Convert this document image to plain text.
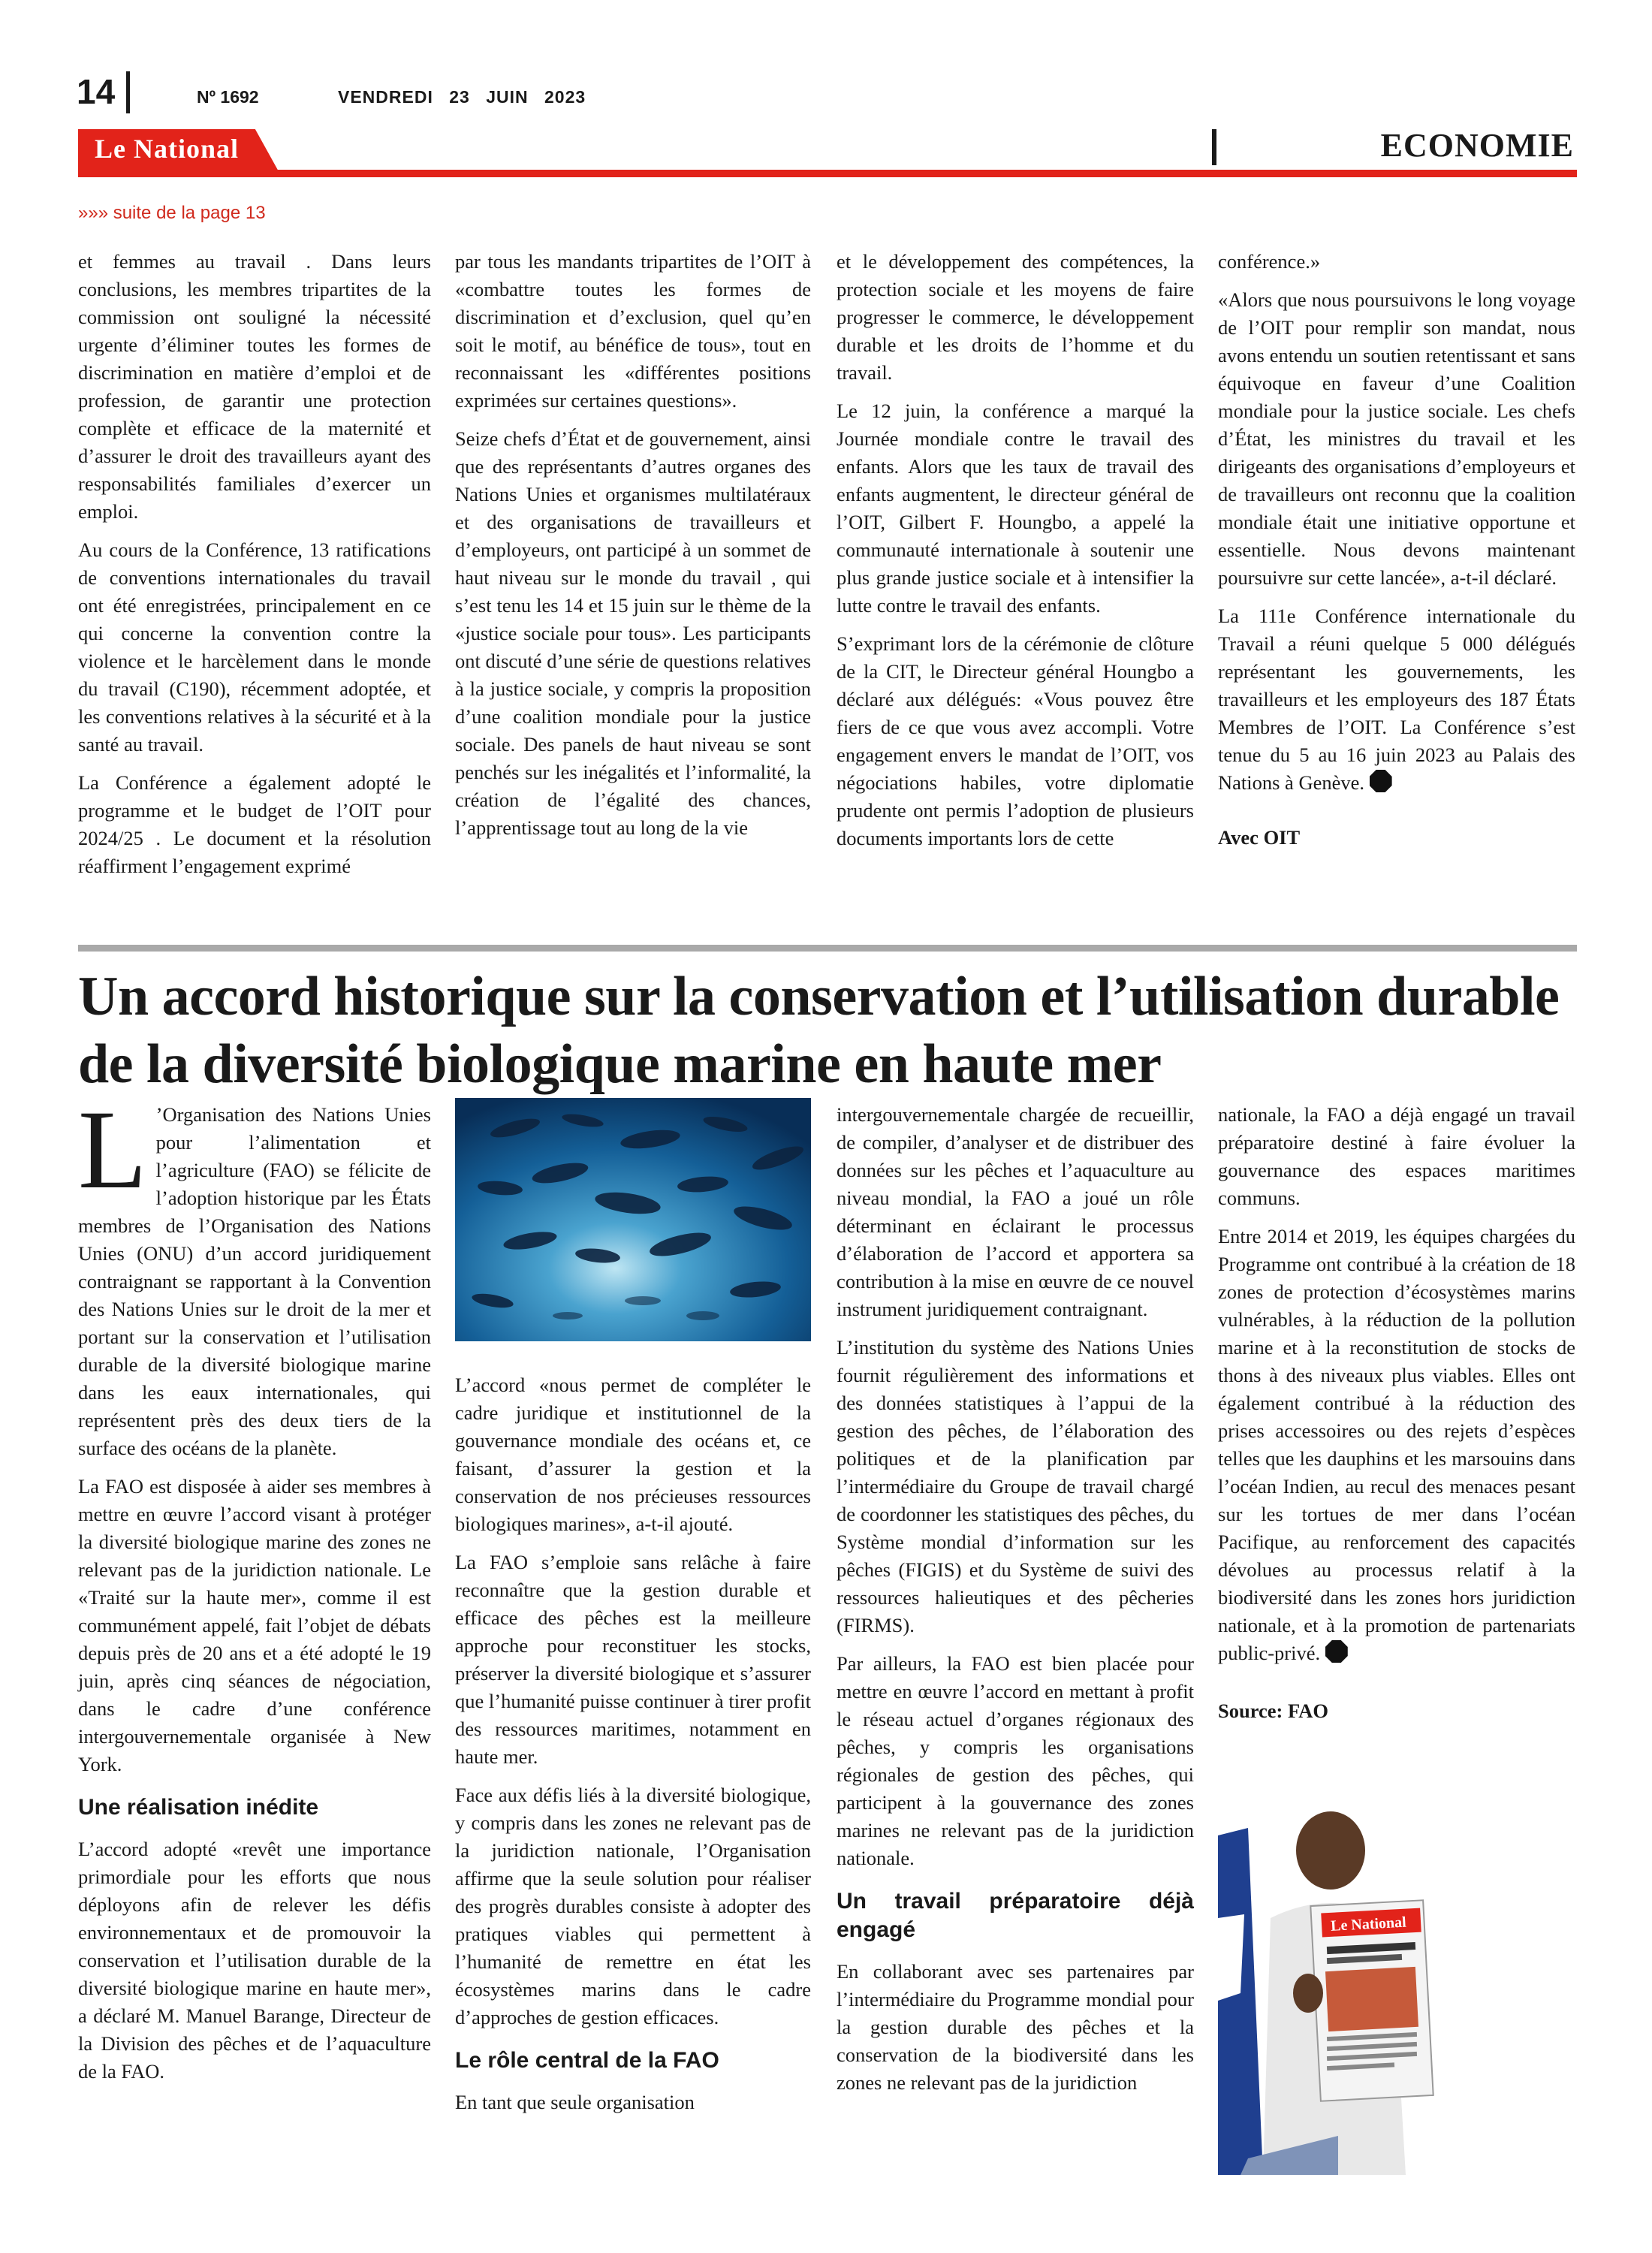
14	Nº 1692	VENDREDI 23 JUIN 2023
Le National	ECONOMIE
»»» suite de la page 13

et femmes au travail . Dans leurs conclusions, les membres tripartites de la commission ont souligné la nécessité urgente d’éliminer toutes les formes de discrimination en matière d’emploi et de profession, de garantir une protection complète et efficace de la maternité et d’assurer le droit des travailleurs ayant des responsabilités familiales d’exercer un emploi.

Au cours de la Conférence, 13 ratifications de conventions internationales du travail ont été enregistrées, principalement en ce qui concerne la convention contre la violence et le harcèlement dans le monde du travail (C190), récemment adoptée, et les conventions relatives à la sécurité et à la santé au travail.

La Conférence a également adopté le programme et le budget de l’OIT pour 2024/25 . Le document et la résolution réaffirment l’engagement exprimé

par tous les mandants tripartites de l’OIT à «combattre toutes les formes de discrimination et d’exclusion, quel qu’en soit le motif, au bénéfice de tous», tout en reconnaissant les «différentes positions exprimées sur certaines questions».

Seize chefs d’État et de gouvernement, ainsi que des représentants d’autres organes des Nations Unies et organismes multilatéraux et des organisations de travailleurs et d’employeurs, ont participé à un sommet de haut niveau sur le monde du travail , qui s’est tenu les 14 et 15 juin sur le thème de la «justice sociale pour tous». Les participants ont discuté d’une série de questions relatives à la justice sociale, y compris la proposition d’une coalition mondiale pour la justice sociale. Des panels de haut niveau se sont penchés sur les inégalités et l’informalité, la création de l’égalité des chances, l’apprentissage tout au long de la vie

et le développement des compétences, la protection sociale et les moyens de faire progresser le commerce, le développement durable et les droits de l’homme et du travail.

Le 12 juin, la conférence a marqué la Journée mondiale contre le travail des enfants. Alors que les taux de travail des enfants augmentent, le directeur général de l’OIT, Gilbert F. Houngbo, a appelé la communauté internationale à soutenir une plus grande justice sociale et à intensifier la lutte contre le travail des enfants.

S’exprimant lors de la cérémonie de clôture de la CIT, le Directeur général Houngbo a déclaré aux délégués: «Vous pouvez être fiers de ce que vous avez accompli. Votre engagement envers le mandat de l’OIT, vos négociations habiles, votre diplomatie prudente ont permis l’adoption de plusieurs documents importants lors de cette

conférence.»

«Alors que nous poursuivons le long voyage de l’OIT pour remplir son mandat, nous avons entendu un soutien retentissant et sans équivoque en faveur d’une Coalition mondiale pour la justice sociale. Les chefs d’État, les ministres du travail et les dirigeants des organisations d’employeurs et de travailleurs ont reconnu que la coalition mondiale était une initiative opportune et essentielle. Nous devons maintenant poursuivre sur cette lancée», a-t-il déclaré.

La 111e Conférence internationale du Travail a réuni quelque 5 000 délégués représentant les gouvernements, les travailleurs et les employeurs des 187 États Membres de l’OIT. La Conférence s’est tenue du 5 au 16 juin 2023 au Palais des Nations à Genève.

Avec OIT

Un accord historique sur la conservation et l’utilisation durable de la diversité biologique marine en haute mer

L ’Organisation des Nations Unies pour l’alimentation et l’agriculture (FAO) se félicite de l’adoption historique par les États membres de l’Organisation des Nations Unies (ONU) d’un accord juridiquement contraignant se rapportant à la Convention des Nations Unies sur le droit de la mer et portant sur la conservation et l’utilisation durable de la diversité biologique marine dans les eaux internationales, qui représentent près des deux tiers de la surface des océans de la planète.

La FAO est disposée à aider ses membres à mettre en œuvre l’accord visant à protéger la diversité biologique marine des zones ne relevant pas de la juridiction nationale. Le «Traité sur la haute mer», comme il est communément appelé, fait l’objet de débats depuis près de 20 ans et a été adopté le 19 juin, après cinq séances de négociation, dans le cadre d’une conférence intergouvernementale organisée à New York.

Une réalisation inédite

L’accord adopté «revêt une importance primordiale pour les efforts que nous déployons afin de relever les défis environnementaux et de promouvoir la conservation et l’utilisation durable de la diversité biologique marine en haute mer», a déclaré M. Manuel Barange, Directeur de la Division des pêches et de l’aquaculture de la FAO.

L’accord «nous permet de compléter le cadre juridique et institutionnel de la gouvernance mondiale des océans et, ce faisant, d’assurer la gestion et la conservation de nos précieuses ressources biologiques marines», a-t-il ajouté.

La FAO s’emploie sans relâche à faire reconnaître que la gestion durable et efficace des pêches est la meilleure approche pour reconstituer les stocks, préserver la diversité biologique et s’assurer que l’humanité puisse continuer à tirer profit des ressources maritimes, notamment en haute mer.

Face aux défis liés à la diversité biologique, y compris dans les zones ne relevant pas de la juridiction nationale, l’Organisation affirme que la seule solution pour réaliser des progrès durables consiste à adopter des pratiques viables qui permettent à l’humanité de remettre en état les écosystèmes marins dans le cadre d’approches de gestion efficaces.

Le rôle central de la FAO

En tant que seule organisation

intergouvernementale chargée de recueillir, de compiler, d’analyser et de distribuer des données sur les pêches et l’aquaculture au niveau mondial, la FAO a joué un rôle déterminant en éclairant le processus d’élaboration de l’accord et apportera sa contribution à la mise en œuvre de ce nouvel instrument juridiquement contraignant.

L’institution du système des Nations Unies fournit régulièrement des informations et des données statistiques à l’appui de la gestion des pêches, de l’élaboration des politiques et de la planification par l’intermédiaire du Groupe de travail chargé de coordonner les statistiques des pêches, du Système mondial d’information sur les pêches (FIGIS) et du Système de suivi des ressources halieutiques et des pêcheries (FIRMS).

Par ailleurs, la FAO est bien placée pour mettre en œuvre l’accord en mettant à profit le réseau actuel d’organes régionaux des pêches, y compris les organisations régionales de gestion des pêches, qui participent à la gouvernance des zones marines ne relevant pas de la juridiction nationale.

Un travail préparatoire déjà engagé

En collaborant avec ses partenaires par l’intermédiaire du Programme mondial pour la gestion durable des pêches et la conservation de la biodiversité dans les zones ne relevant pas de la juridiction

nationale, la FAO a déjà engagé un travail préparatoire destiné à faire évoluer la gouvernance des espaces maritimes communs.

Entre 2014 et 2019, les équipes chargées du Programme ont contribué à la création de 18 zones de protection d’écosystèmes marins vulnérables, à la réduction de la pollution marine et à la reconstitution de stocks de thons à des niveaux plus viables. Elles ont également contribué à la réduction des prises accessoires ou des rejets d’espèces telles que les dauphins et les marsouins dans l’océan Indien, au recul des menaces pesant sur les tortues de mer dans l’océan Pacifique, au renforcement des capacités dévolues au processus relatif à la biodiversité dans les zones hors juridiction nationale, et à la promotion de partenariats public-privé.

Source: FAO

Le National
